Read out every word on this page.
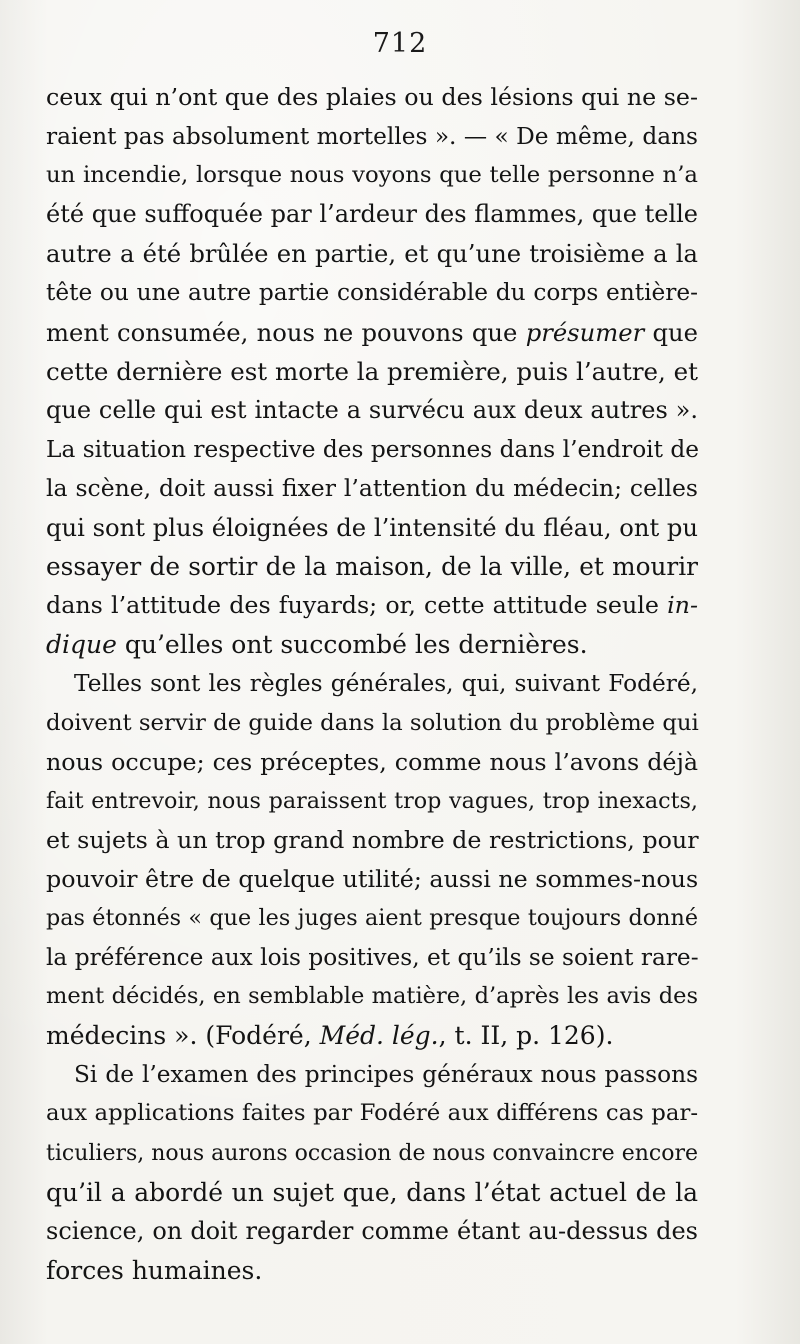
712
ceux qui n’ont que des plaies ou des lésions qui ne se-
raient pas absolument mortelles ». — « De même, dans
un incendie, lorsque nous voyons que telle personne n’a
été que suffoquée par l’ardeur des flammes, que telle
autre a été brûlée en partie, et qu’une troisième a la
tête ou une autre partie considérable du corps entière-
ment consumée, nous ne pouvons que présumer que
cette dernière est morte la première, puis l’autre, et
que celle qui est intacte a survécu aux deux autres ».
La situation respective des personnes dans l’endroit de
la scène, doit aussi fixer l’attention du médecin; celles
qui sont plus éloignées de l’intensité du fléau, ont pu
essayer de sortir de la maison, de la ville, et mourir
dans l’attitude des fuyards; or, cette attitude seule in-
dique qu’elles ont succombé les dernières.
Telles sont les règles générales, qui, suivant Fodéré,
doivent servir de guide dans la solution du problème qui
nous occupe; ces préceptes, comme nous l’avons déjà
fait entrevoir, nous paraissent trop vagues, trop inexacts,
et sujets à un trop grand nombre de restrictions, pour
pouvoir être de quelque utilité; aussi ne sommes-nous
pas étonnés « que les juges aient presque toujours donné
la préférence aux lois positives, et qu’ils se soient rare-
ment décidés, en semblable matière, d’après les avis des
médecins ». (Fodéré, Méd. lég., t. II, p. 126).
Si de l’examen des principes généraux nous passons
aux applications faites par Fodéré aux différens cas par-
ticuliers, nous aurons occasion de nous convaincre encore
qu’il a abordé un sujet que, dans l’état actuel de la
science, on doit regarder comme étant au-dessus des
forces humaines.
